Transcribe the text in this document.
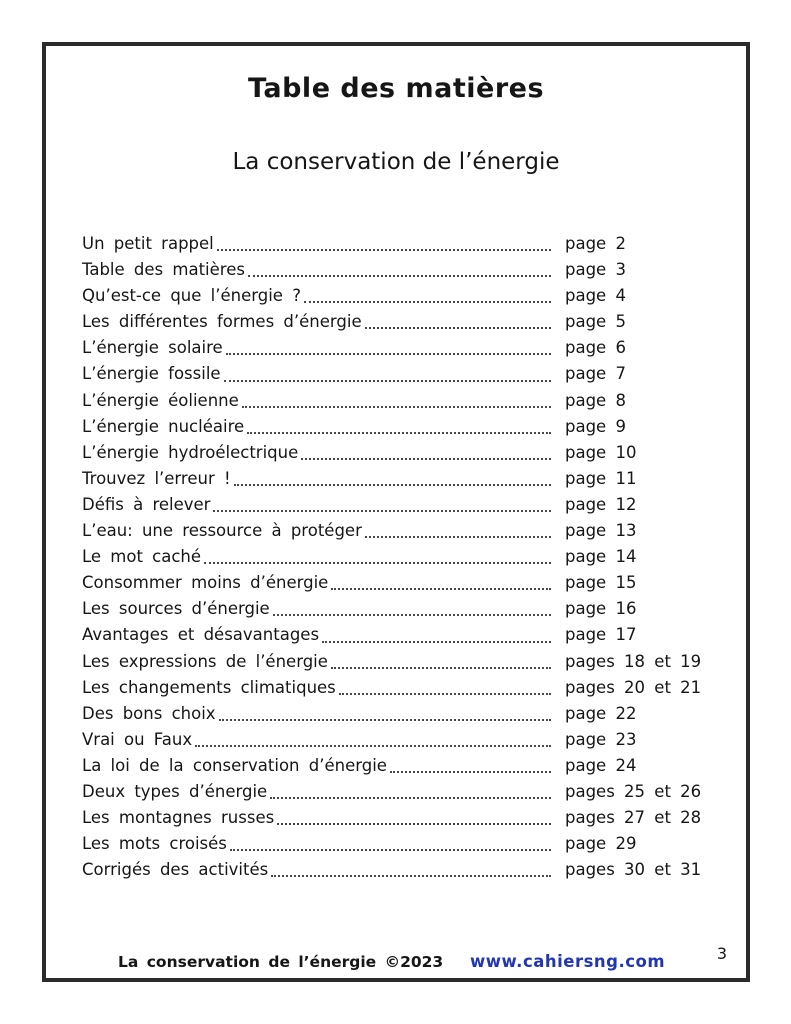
Table des matières
La conservation de l’énergie
Un petit rappel	page 2
Table des matières	page 3
Qu’est-ce que l’énergie ?	page 4
Les différentes formes d’énergie	page 5
L’énergie solaire	page 6
L’énergie fossile	page 7
L’énergie éolienne	page 8
L’énergie nucléaire	page 9
L’énergie hydroélectrique	page 10
Trouvez l’erreur !	page 11
Défis à relever	page 12
L’eau: une ressource à protéger	page 13
Le mot caché	page 14
Consommer moins d’énergie	page 15
Les sources d’énergie	page 16
Avantages et désavantages	page 17
Les expressions de l’énergie	pages 18 et 19
Les changements climatiques	pages 20 et 21
Des bons choix	page 22
Vrai ou Faux	page 23
La loi de la conservation d’énergie	page 24
Deux types d’énergie	pages 25 et 26
Les montagnes russes	pages 27 et 28
Les mots croisés	page 29
Corrigés des activités	pages 30 et 31
La conservation de l’énergie ©2023 www.cahiersng.com	3
